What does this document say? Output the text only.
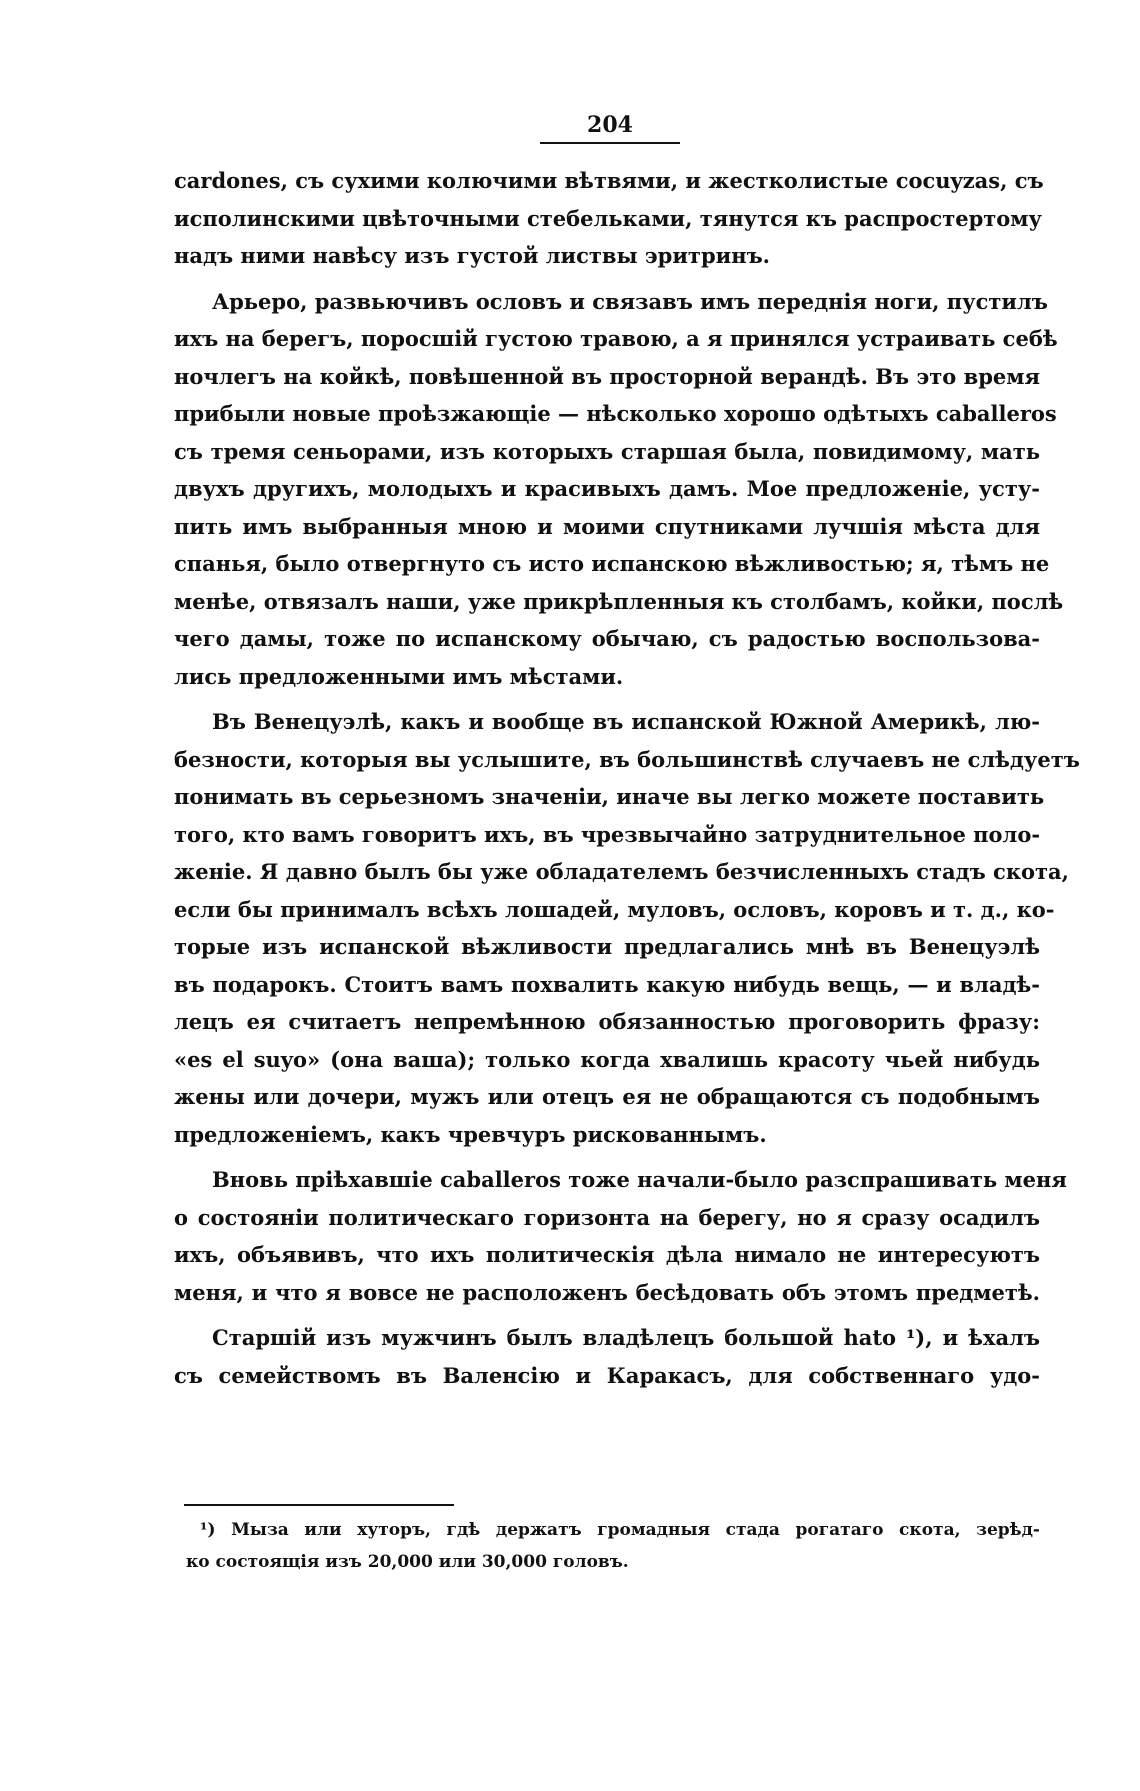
204
cardones, съ сухими колючими вѣтвями, и жестколистые cocuyzas, съ
исполинскими цвѣточными стебельками, тянутся къ распростертому
надъ ними навѣсу изъ густой листвы эритринъ.
Арьеро, развьючивъ ословъ и связавъ имъ переднія ноги, пустилъ
ихъ на берегъ, поросшій густою травою, а я принялся устраивать себѣ
ночлегъ на койкѣ, повѣшенной въ просторной верандѣ. Въ это время
прибыли новые проѣзжающіе — нѣсколько хорошо одѣтыхъ caballeros
съ тремя сеньорами, изъ которыхъ старшая была, повидимому, мать
двухъ другихъ, молодыхъ и красивыхъ дамъ. Мое предложеніе, усту-
пить имъ выбранныя мною и моими спутниками лучшія мѣста для
спанья, было отвергнуто съ исто испанскою вѣжливостью; я, тѣмъ не
менѣе, отвязалъ наши, уже прикрѣпленныя къ столбамъ, койки, послѣ
чего дамы, тоже по испанскому обычаю, съ радостью воспользова-
лись предложенными имъ мѣстами.
Въ Венецуэлѣ, какъ и вообще въ испанской Южной Америкѣ, лю-
безности, которыя вы услышите, въ большинствѣ случаевъ не слѣдуетъ
понимать въ серьезномъ значеніи, иначе вы легко можете поставить
того, кто вамъ говоритъ ихъ, въ чрезвычайно затруднительное поло-
женіе. Я давно былъ бы уже обладателемъ безчисленныхъ стадъ скота,
если бы принималъ всѣхъ лошадей, муловъ, ословъ, коровъ и т. д., ко-
торые изъ испанской вѣжливости предлагались мнѣ въ Венецуэлѣ
въ подарокъ. Стоитъ вамъ похвалить какую нибудь вещь, — и владѣ-
лецъ ея считаетъ непремѣнною обязанностью проговорить фразу:
«es el suyo» (она ваша); только когда хвалишь красоту чьей нибудь
жены или дочери, мужъ или отецъ ея не обращаются съ подобнымъ
предложеніемъ, какъ чревчуръ рискованнымъ.
Вновь пріѣхавшіе caballeros тоже начали-было разспрашивать меня
о состояніи политическаго горизонта на берегу, но я сразу осадилъ
ихъ, объявивъ, что ихъ политическія дѣла нимало не интересуютъ
меня, и что я вовсе не расположенъ бесѣдовать объ этомъ предметѣ.
Старшій изъ мужчинъ былъ владѣлецъ большой hato ¹), и ѣхалъ
съ семействомъ въ Валенсію и Каракасъ, для собственнаго удо-
¹) Мыза или хуторъ, гдѣ держатъ громадныя стада рогатаго скота, зерѣд-
ко состоящія изъ 20,000 или 30,000 головъ.
